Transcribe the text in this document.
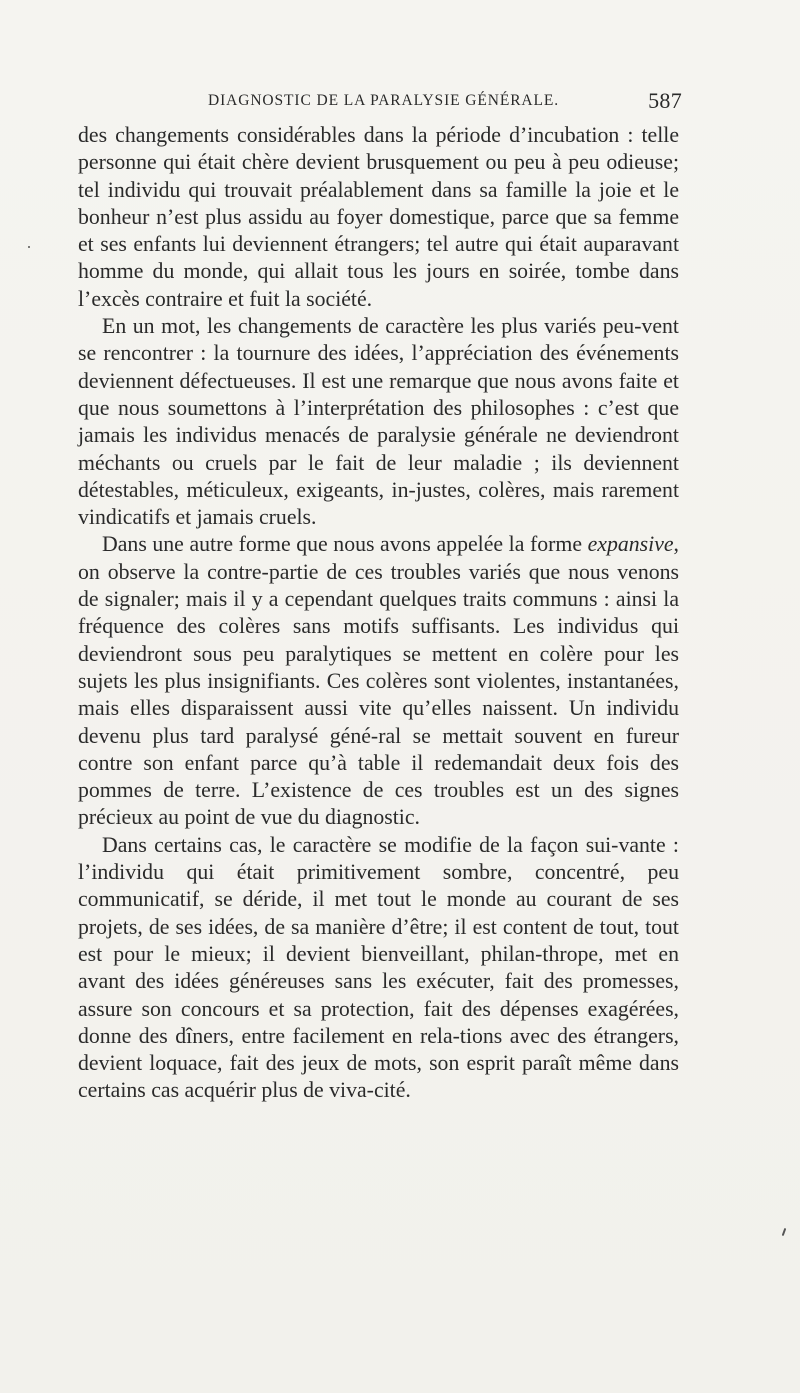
DIAGNOSTIC DE LA PARALYSIE GÉNÉRALE.	587

des changements considérables dans la période d’incubation : telle personne qui était chère devient brusquement ou peu à peu odieuse; tel individu qui trouvait préalablement dans sa famille la joie et le bonheur n’est plus assidu au foyer domestique, parce que sa femme et ses enfants lui deviennent étrangers; tel autre qui était auparavant homme du monde, qui allait tous les jours en soirée, tombe dans l’excès contraire et fuit la société.

En un mot, les changements de caractère les plus variés peu-vent se rencontrer : la tournure des idées, l’appréciation des événements deviennent défectueuses. Il est une remarque que nous avons faite et que nous soumettons à l’interprétation des philosophes : c’est que jamais les individus menacés de paralysie générale ne deviendront méchants ou cruels par le fait de leur maladie ; ils deviennent détestables, méticuleux, exigeants, in-justes, colères, mais rarement vindicatifs et jamais cruels.

Dans une autre forme que nous avons appelée la forme expansive, on observe la contre-partie de ces troubles variés que nous venons de signaler; mais il y a cependant quelques traits communs : ainsi la fréquence des colères sans motifs suffisants. Les individus qui deviendront sous peu paralytiques se mettent en colère pour les sujets les plus insignifiants. Ces colères sont violentes, instantanées, mais elles disparaissent aussi vite qu’elles naissent. Un individu devenu plus tard paralysé géné-ral se mettait souvent en fureur contre son enfant parce qu’à table il redemandait deux fois des pommes de terre. L’existence de ces troubles est un des signes précieux au point de vue du diagnostic.

Dans certains cas, le caractère se modifie de la façon sui-vante : l’individu qui était primitivement sombre, concentré, peu communicatif, se déride, il met tout le monde au courant de ses projets, de ses idées, de sa manière d’être; il est content de tout, tout est pour le mieux; il devient bienveillant, philan-thrope, met en avant des idées généreuses sans les exécuter, fait des promesses, assure son concours et sa protection, fait des dépenses exagérées, donne des dîners, entre facilement en rela-tions avec des étrangers, devient loquace, fait des jeux de mots, son esprit paraît même dans certains cas acquérir plus de viva-cité.
